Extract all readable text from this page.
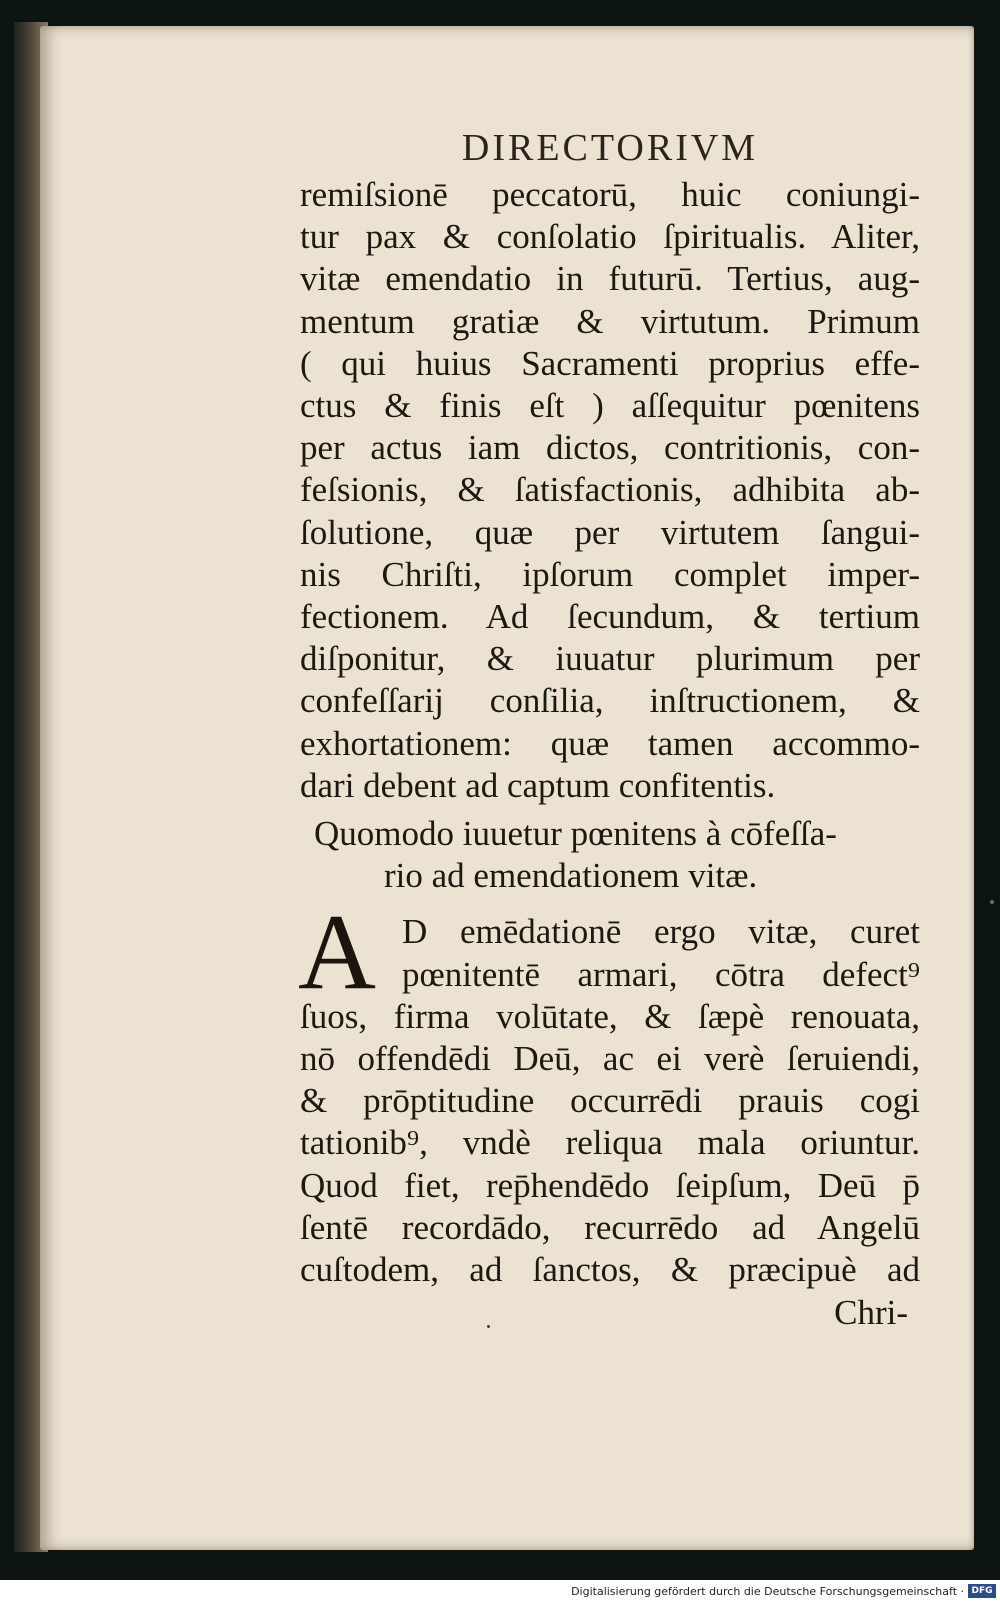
DIRECTORIVM
remiſsionē peccatorū, huic coniungi-
tur pax & conſolatio ſpiritualis. Aliter,
vitæ emendatio in futurū. Tertius, aug-
mentum gratiæ & virtutum. Primum
( qui huius Sacramenti proprius effe-
ctus & finis eſt ) aſſequitur pœnitens
per actus iam dictos, contritionis, con-
feſsionis, & ſatisfactionis, adhibita ab-
ſolutione, quæ per virtutem ſangui-
nis Chriſti, ipſorum complet imper-
fectionem. Ad ſecundum, & tertium
diſponitur, & iuuatur plurimum per
confeſſarij conſilia, inſtructionem, &
exhortationem: quæ tamen accommo-
dari debent ad captum confitentis.
Quomodo iuuetur pœnitens à cōfeſſa-
rio ad emendationem vitæ.
A D emēdationē ergo vitæ, curet
pœnitentē armari, cōtra defect⁹
ſuos, firma volūtate, & ſæpè renouata,
nō offendēdi Deū, ac ei verè ſeruiendi,
& prōptitudine occurrēdi prauis cogi
tationib⁹, vndè reliqua mala oriuntur.
Quod fiet, rep̄hendēdo ſeipſum, Deū p̄
ſentē recordādo, recurrēdo ad Angelū
cuſtodem, ad ſanctos, & præcipuè ad
Chri-
Digitalisierung gefördert durch die Deutsche Forschungsgemeinschaft · DFG
